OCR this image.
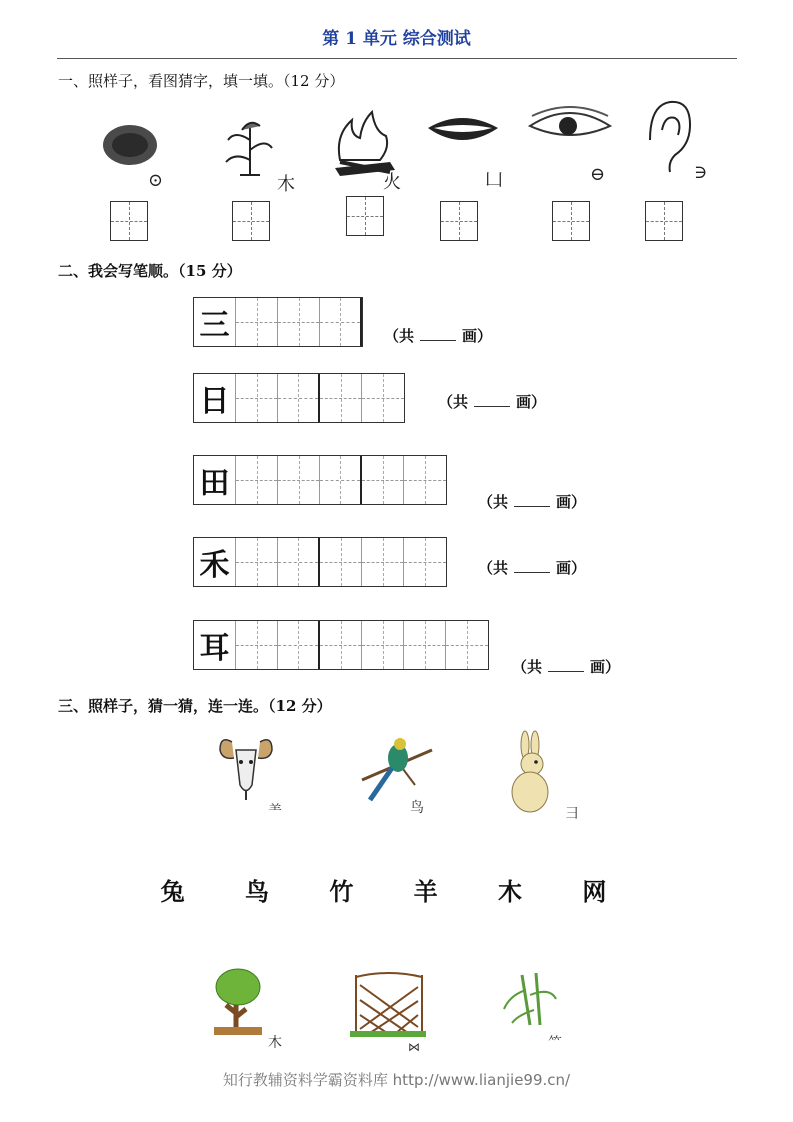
第 1 单元 综合测试
一、照样子，看图猜字，填一填。（12 分）
⊙	⽊	⽕	⼐	⊖	∋
二、我会写笔顺。（15 分）
三	（共	画）
日	（共	画）
田
（共	画）
禾	（共	画）
耳
（共	画）
三、照样子，猜一猜，连一连。（12 分）
⺷	⻦	⺕
兔 鸟 竹 羊 木 网
⽊	⋈	⺮
知行教辅资料学霸资料库 http://www.lianjie99.cn/
